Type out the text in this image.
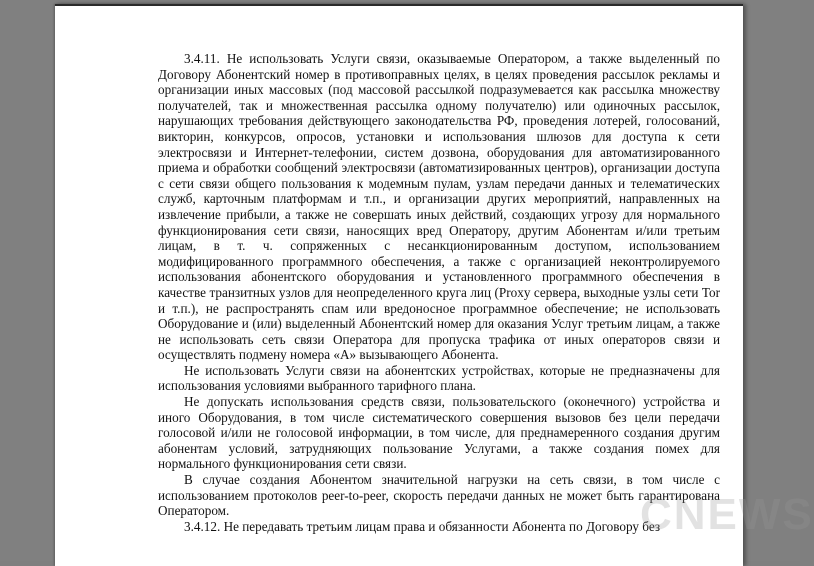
3.4.11. Не использовать Услуги связи, оказываемые Оператором, а также выделенный по Договору Абонентский номер в противоправных целях, в целях проведения рассылок рекламы и организации иных массовых (под массовой рассылкой подразумевается как рассылка множеству получателей, так и множественная рассылка одному получателю) или одиночных рассылок, нарушающих требования действующего законодательства РФ, проведения лотерей, голосований, викторин, конкурсов, опросов, установки и использования шлюзов для доступа к сети электросвязи и Интернет-телефонии, систем дозвона, оборудования для автоматизированного приема и обработки сообщений электросвязи (автоматизированных центров), организации доступа с сети связи общего пользования к модемным пулам, узлам передачи данных и телематических служб, карточным платформам и т.п., и организации других мероприятий, направленных на извлечение прибыли, а также не совершать иных действий, создающих угрозу для нормального функционирования сети связи, наносящих вред Оператору, другим Абонентам и/или третьим лицам, в т. ч. сопряженных с несанкционированным доступом, использованием модифицированного программного обеспечения, а также с организацией неконтролируемого использования абонентского оборудования и установленного программного обеспечения в качестве транзитных узлов для неопределенного круга лиц (Proxy сервера, выходные узлы сети Tor и т.п.), не распространять спам или вредоносное программное обеспечение; не использовать Оборудование и (или) выделенный Абонентский номер для оказания Услуг третьим лицам, а также не использовать сеть связи Оператора для пропуска трафика от иных операторов связи и осуществлять подмену номера «А» вызывающего Абонента.

Не использовать Услуги связи на абонентских устройствах, которые не предназначены для использования условиями выбранного тарифного плана.

Не допускать использования средств связи, пользовательского (оконечного) устройства и иного Оборудования, в том числе систематического совершения вызовов без цели передачи голосовой и/или не голосовой информации, в том числе, для преднамеренного создания другим абонентам условий, затрудняющих пользование Услугами, а также создания помех для нормального функционирования сети связи.

В случае создания Абонентом значительной нагрузки на сеть связи, в том числе с использованием протоколов peer-to-peer, скорость передачи данных не может быть гарантирована Оператором.

3.4.12. Не передавать третьим лицам права и обязанности Абонента по Договору без

CNEWS
